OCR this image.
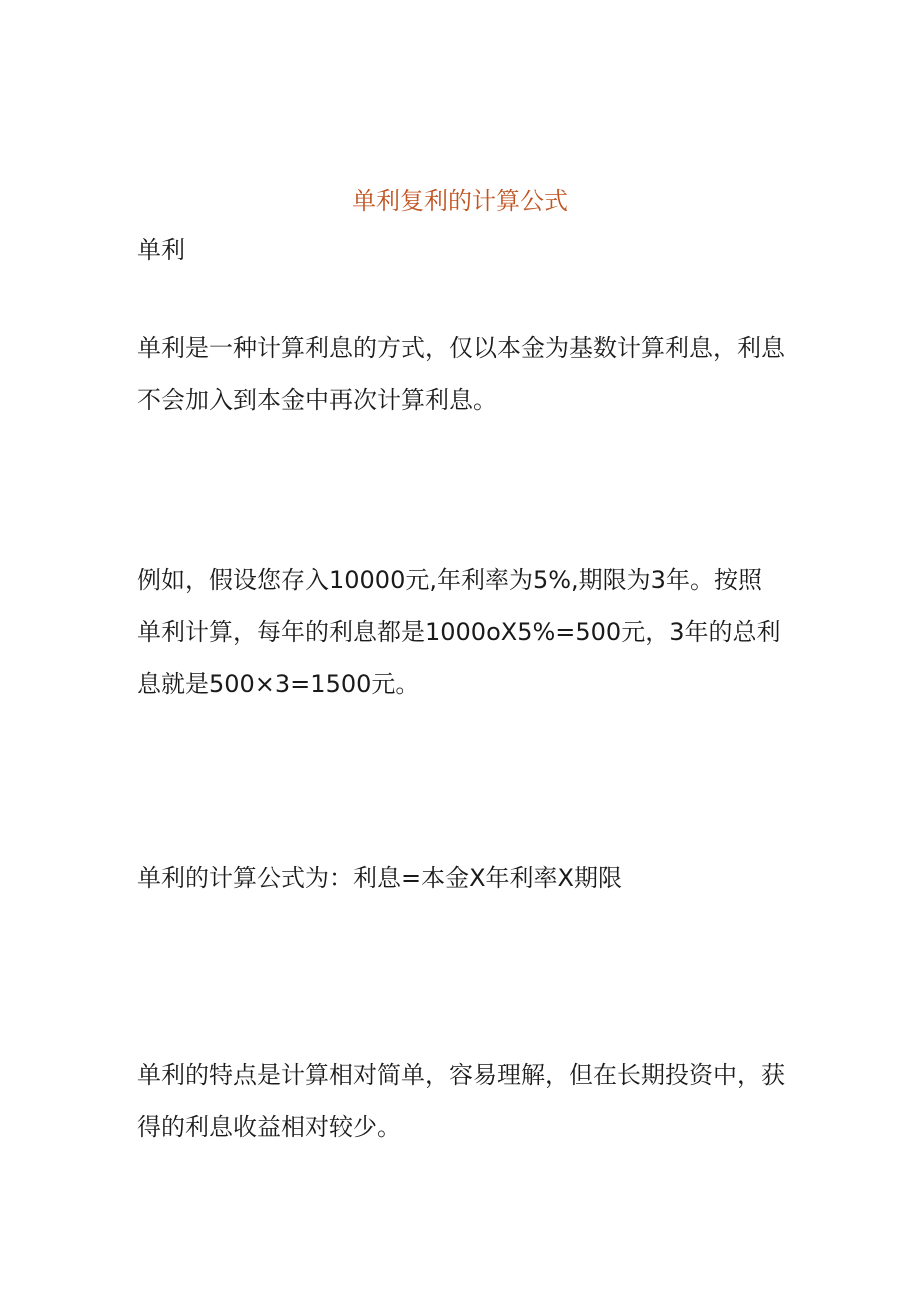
单利复利的计算公式
单利

单利是一种计算利息的方式，仅以本金为基数计算利息，利息不会加入到本金中再次计算利息。

例如，假设您存入10000元,年利率为5%,期限为3年。按照单利计算，每年的利息都是1000oX5%=500元，3年的总利息就是500×3=1500元。

单利的计算公式为：利息=本金X年利率X期限

单利的特点是计算相对简单，容易理解，但在长期投资中，获得的利息收益相对较少。
